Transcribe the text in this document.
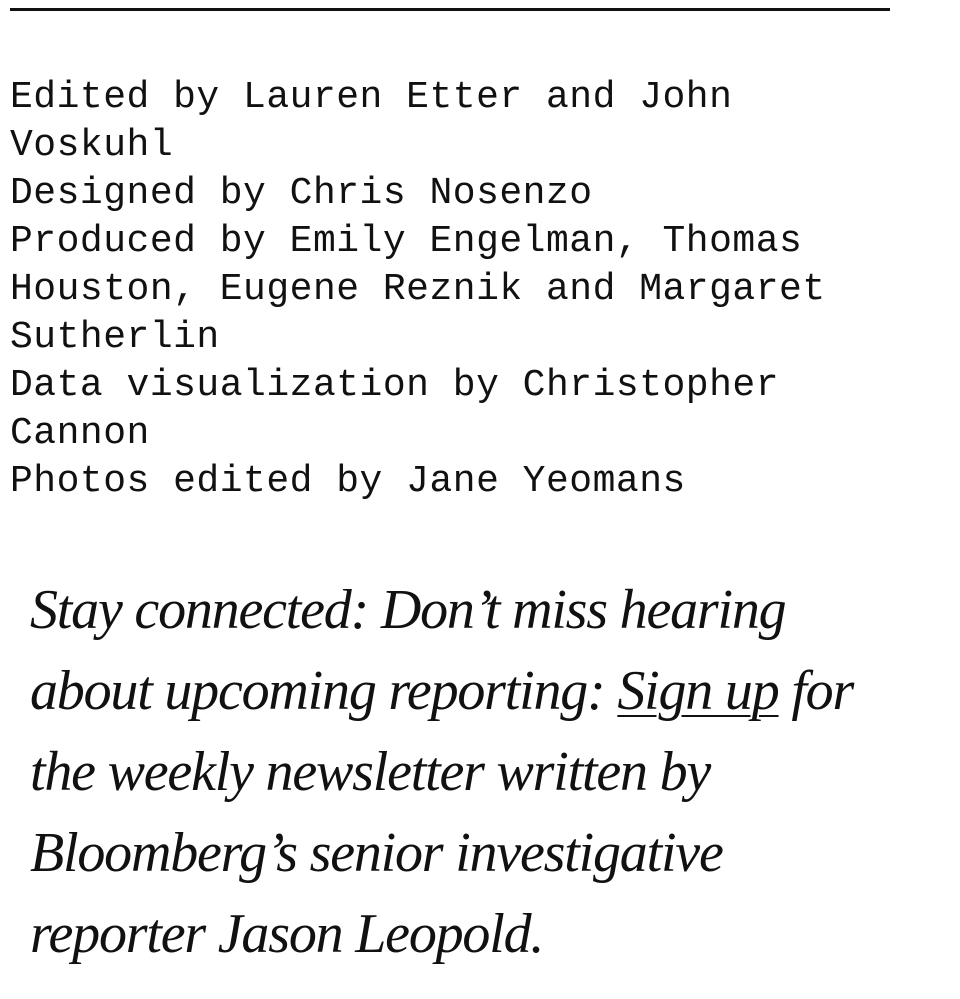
Edited by Lauren Etter and John Voskuhl
Designed by Chris Nosenzo
Produced by Emily Engelman, Thomas Houston, Eugene Reznik and Margaret Sutherlin
Data visualization by Christopher Cannon
Photos edited by Jane Yeomans

Stay connected: Don’t miss hearing about upcoming reporting: Sign up for the weekly newsletter written by Bloomberg’s senior investigative reporter Jason Leopold.
